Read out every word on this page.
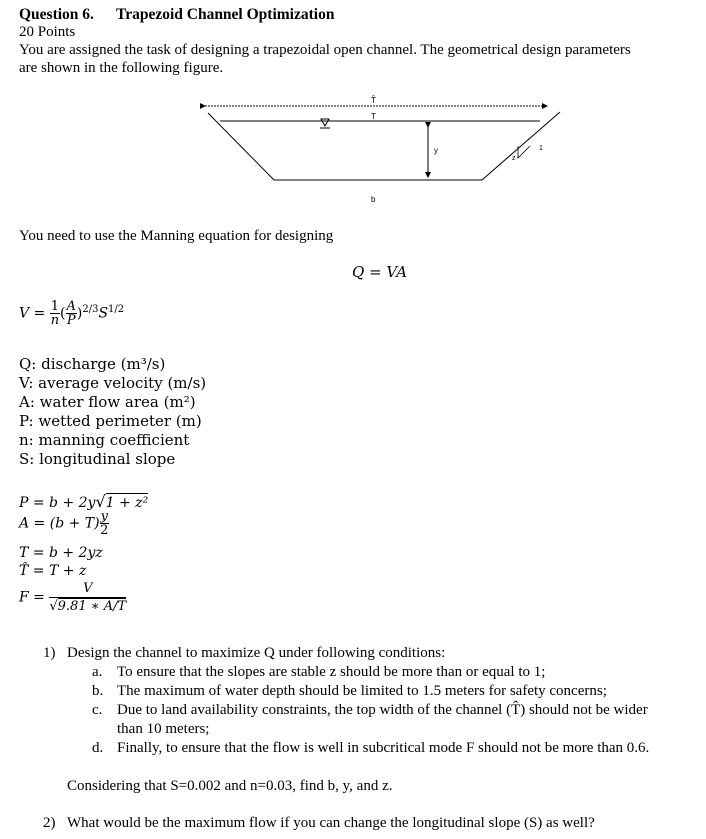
Question 6. Trapezoid Channel Optimization
20 Points
You are assigned the task of designing a trapezoidal open channel. The geometrical design parameters
are shown in the following figure.
T̂
T
y
b
z
1
You need to use the Manning equation for designing
Q = VA
$V = \frac{1}{n}$ ( $\frac{A}{P} )^{2/3}S^{1/2}$
Q: discharge (m³/s)
V: average velocity (m/s)
A: water flow area (m²)
P: wetted perimeter (m)
n: manning coefficient
S: longitudinal slope
P = b + 2y√1 + z²
$A = (b + T) \frac{y}{2}$
T = b + 2yz
T̂ = T + z
$F = \frac{V}{√9.81 ∗ A/T}$
1) Design the channel to maximize Q under following conditions:
a. To ensure that the slopes are stable z should be more than or equal to 1;
b. The maximum of water depth should be limited to 1.5 meters for safety concerns;
c. Due to land availability constraints, the top width of the channel (T̂) should not be wider
than 10 meters;
d. Finally, to ensure that the flow is well in subcritical mode F should not be more than 0.6.
Considering that S=0.002 and n=0.03, find b, y, and z.
2) What would be the maximum flow if you can change the longitudinal slope (S) as well?
